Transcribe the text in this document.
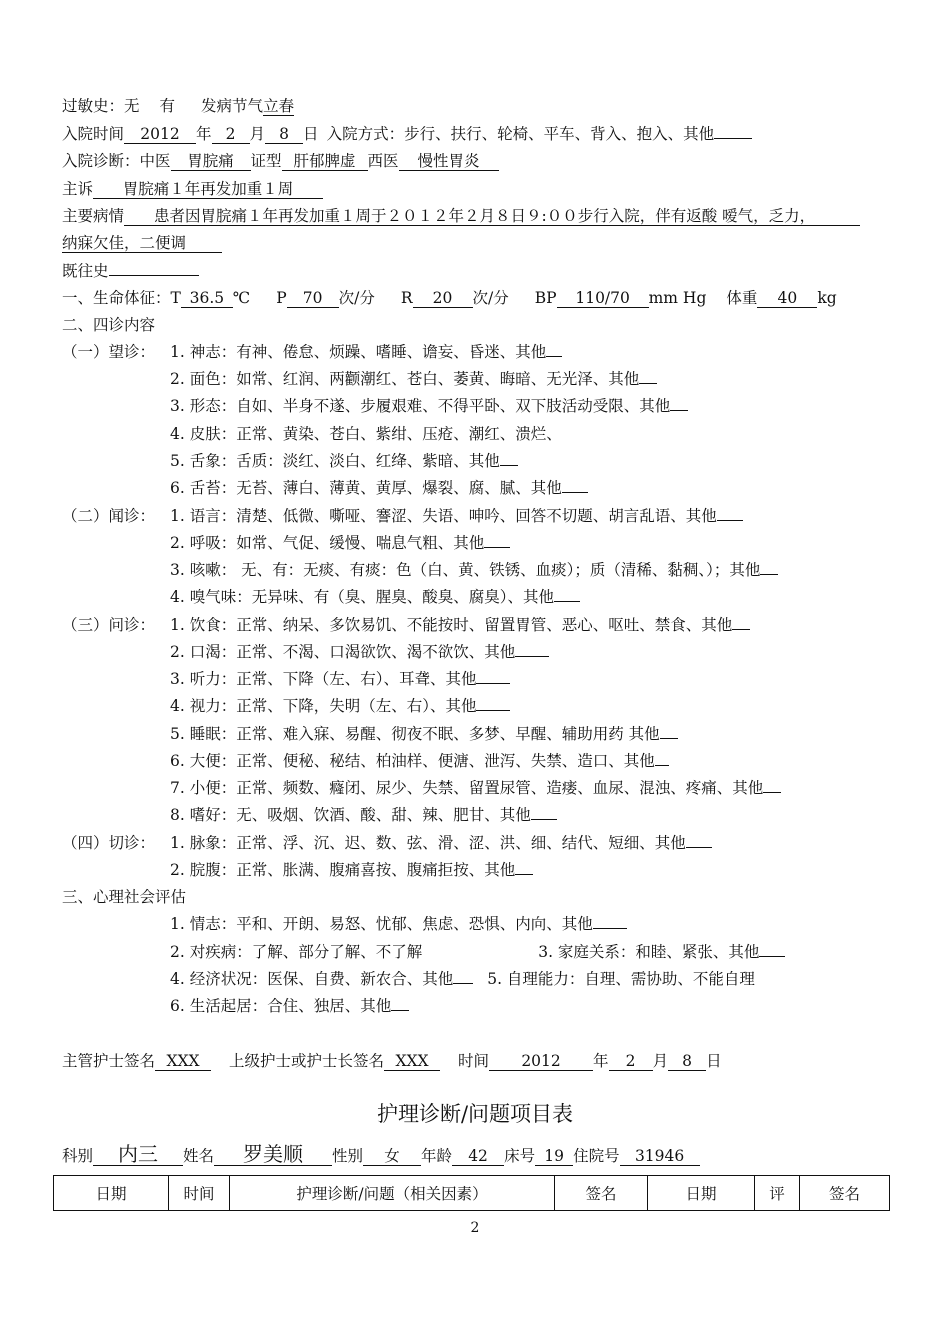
过敏史：无 有 发病节气立春
入院时间 2012 年 2 月 8 日 入院方式：步行、扶行、轮椅、平车、背入、抱入、其他
入院诊断：中医 胃脘痛 证型 肝郁脾虚 西医 慢性胃炎
主诉 胃脘痛１年再发加重１周
主要病情 患者因胃脘痛１年再发加重１周于２０１２年２月８日９:００步行入院，伴有返酸 嗳气，乏力，
纳寐欠佳，二便调
既往史
一、生命体征：T 36.5 ℃ P 70 次/分 R 20 次/分 BP 110/70 mm Hg 体重 40 kg
二、四诊内容
（一）望诊： 1. 神志：有神、倦怠、烦躁、嗜睡、谵妄、昏迷、其他
2. 面色：如常、红润、两颧潮红、苍白、萎黄、晦暗、无光泽、其他
3. 形态：自如、半身不遂、步履艰难、不得平卧、双下肢活动受限、其他
4. 皮肤：正常、黄染、苍白、紫绀、压疮、潮红、溃烂、
5. 舌象：舌质：淡红、淡白、红绛、紫暗、其他
6. 舌苔：无苔、薄白、薄黄、黄厚、爆裂、腐、腻、其他
（二）闻诊： 1. 语言：清楚、低微、嘶哑、謇涩、失语、呻吟、回答不切题、胡言乱语、其他
2. 呼吸：如常、气促、缓慢、喘息气粗、其他
3. 咳嗽： 无、有：无痰、有痰：色（白、黄、铁锈、血痰）；质（清稀、黏稠、）；其他
4. 嗅气味：无异味、有（臭、腥臭、酸臭、腐臭）、其他
（三）问诊： 1. 饮食：正常、纳呆、多饮易饥、不能按时、留置胃管、恶心、呕吐、禁食、其他
2. 口渴：正常、不渴、口渴欲饮、渴不欲饮、其他
3. 听力：正常、下降（左、右）、耳聋、其他
4. 视力：正常、下降，失明（左、右）、其他
5. 睡眠：正常、难入寐、易醒、彻夜不眠、多梦、早醒、辅助用药 其他
6. 大便：正常、便秘、秘结、柏油样、便溏、泄泻、失禁、造口、其他
7. 小便：正常、频数、癃闭、尿少、失禁、留置尿管、造瘘、血尿、混浊、疼痛、其他
8. 嗜好：无、吸烟、饮酒、酸、甜、辣、肥甘、其他
（四）切诊： 1. 脉象：正常、浮、沉、迟、数、弦、滑、涩、洪、细、结代、短细、其他
2. 脘腹：正常、胀满、腹痛喜按、腹痛拒按、其他
三、心理社会评估
1. 情志：平和、开朗、易怒、忧郁、焦虑、恐惧、内向、其他
2. 对疾病：了解、部分了解、不了解	3. 家庭关系：和睦、紧张、其他
4. 经济状况：医保、自费、新农合、其他 5. 自理能力：自理、需协助、不能自理
6. 生活起居：合住、独居、其他
主管护士签名 XXX 上级护士或护士长签名 XXX 时间 2012 年 2 月 8 日
护理诊断/问题项目表
科别 内三 姓名 罗美顺 性别 女 年龄 42 床号 19 住院号 31946
日期	时间	护理诊断/问题（相关因素）	签名	日期	评	签名
2
